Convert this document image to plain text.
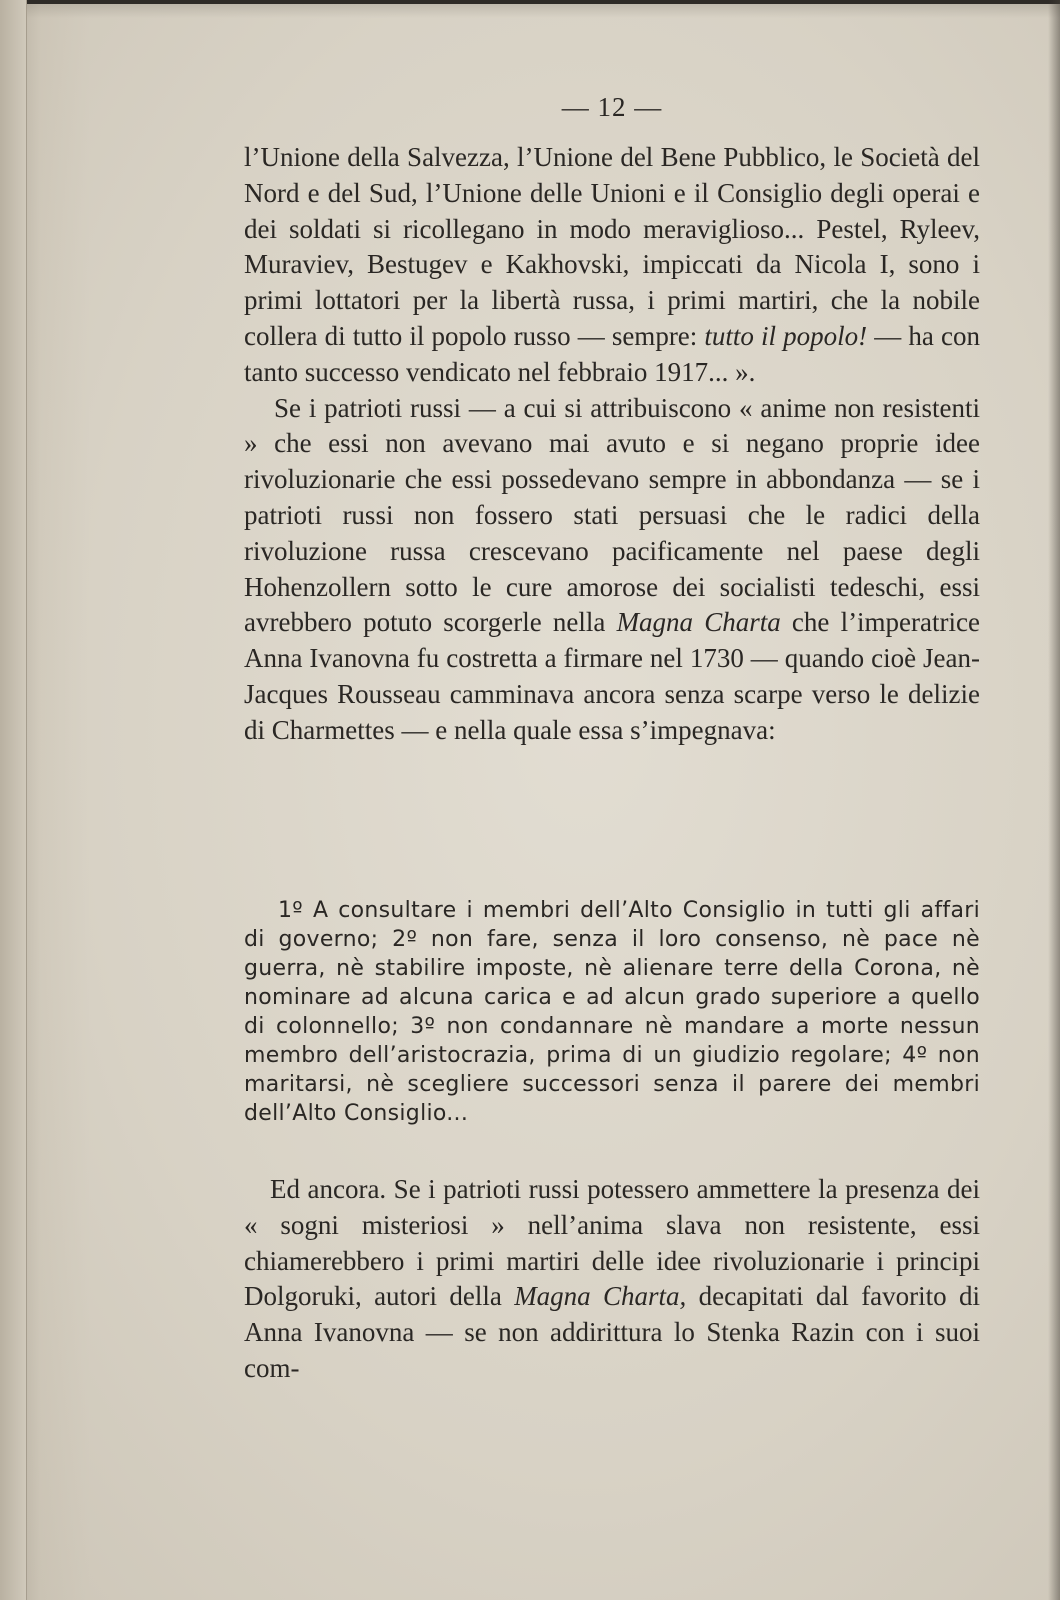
— 12 —

l’Unione della Salvezza, l’Unione del Bene Pubblico, le Società del Nord e del Sud, l’Unione delle Unioni e il Consiglio degli operai e dei soldati si ricollegano in modo meraviglioso... Pestel, Ryleev, Muraviev, Bestugev e Kakhovski, impiccati da Nicola I, sono i primi lottatori per la libertà russa, i primi martiri, che la nobile collera di tutto il popolo russo — sempre: tutto il popolo! — ha con tanto successo vendicato nel febbraio 1917... ».

Se i patrioti russi — a cui si attribuiscono « anime non resistenti » che essi non avevano mai avuto e si negano proprie idee rivoluzionarie che essi possedevano sempre in abbondanza — se i patrioti russi non fossero stati persuasi che le radici della rivoluzione russa crescevano pacificamente nel paese degli Hohenzollern sotto le cure amorose dei socialisti tedeschi, essi avrebbero potuto scorgerle nella Magna Charta che l’imperatrice Anna Ivanovna fu costretta a firmare nel 1730 — quando cioè Jean-Jacques Rousseau camminava ancora senza scarpe verso le delizie di Charmettes — e nella quale essa s’impegnava:

1º A consultare i membri dell’Alto Consiglio in tutti gli affari di governo; 2º non fare, senza il loro consenso, nè pace nè guerra, nè stabilire imposte, nè alienare terre della Corona, nè nominare ad alcuna carica e ad alcun grado superiore a quello di colonnello; 3º non condannare nè mandare a morte nessun membro dell’aristocrazia, prima di un giudizio regolare; 4º non maritarsi, nè scegliere successori senza il parere dei membri dell’Alto Consiglio...

Ed ancora. Se i patrioti russi potessero ammettere la presenza dei « sogni misteriosi » nell’anima slava non resistente, essi chiamerebbero i primi martiri delle idee rivoluzionarie i principi Dolgoruki, autori della Magna Charta, decapitati dal favorito di Anna Ivanovna — se non addirittura lo Stenka Razin con i suoi com-
